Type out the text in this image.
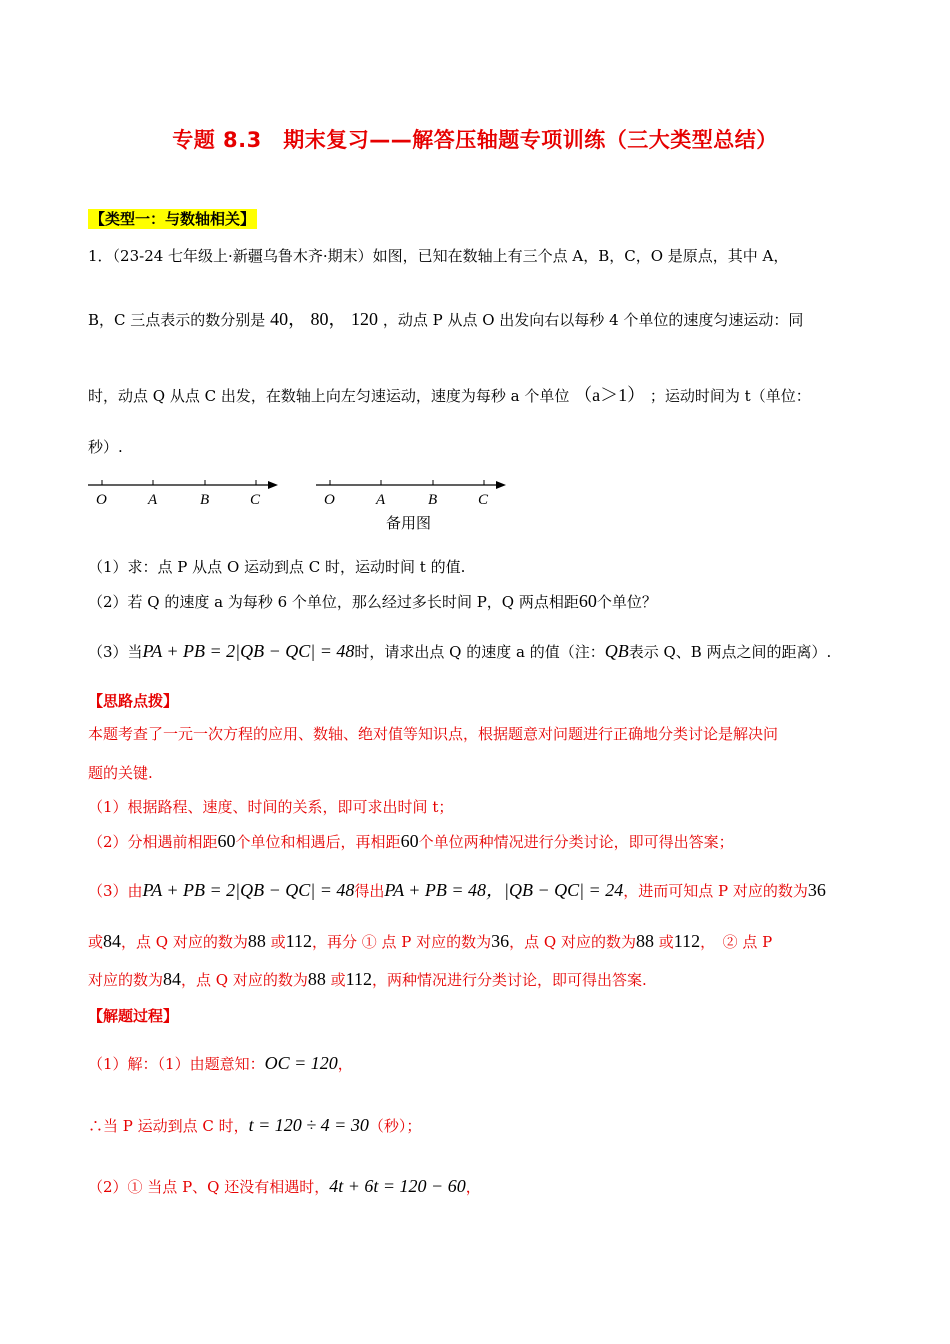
专题 8.3　期末复习——解答压轴题专项训练（三大类型总结）
【类型一：与数轴相关】
1．（23-24 七年级上·新疆乌鲁木齐·期末）如图，已知在数轴上有三个点 A，B，C，O 是原点，其中 A，
B，C 三点表示的数分别是 40， 80， 120 ，动点 P 从点 O 出发向右以每秒 4 个单位的速度匀速运动：同
时，动点 Q 从点 C 出发，在数轴上向左匀速运动，速度为每秒 a 个单位 （a＞1） ；运动时间为 t（单位：
秒）.
O	A	B	C	O	A	B	C
备用图
（1）求：点 P 从点 O 运动到点 C 时，运动时间 t 的值.
（2）若 Q 的速度 a 为每秒 6 个单位，那么经过多长时间 P，Q 两点相距60个单位？
（3）当PA + PB = 2|QB − QC| = 48时，请求出点 Q 的速度 a 的值（注：QB表示 Q、B 两点之间的距离）.
【思路点拨】
本题考查了一元一次方程的应用、数轴、绝对值等知识点，根据题意对问题进行正确地分类讨论是解决问
题的关键.
（1）根据路程、速度、时间的关系，即可求出时间 t；
（2）分相遇前相距60个单位和相遇后，再相距60个单位两种情况进行分类讨论，即可得出答案；
（3）由PA + PB = 2|QB − QC| = 48得出PA + PB = 48，|QB − QC| = 24，进而可知点 P 对应的数为36
或84，点 Q 对应的数为88 或112，再分 ① 点 P 对应的数为36，点 Q 对应的数为88 或112，　② 点 P
对应的数为84，点 Q 对应的数为88 或112，两种情况进行分类讨论，即可得出答案.
【解题过程】
（1）解：（1）由题意知：OC = 120，
∴当 P 运动到点 C 时，t = 120 ÷ 4 = 30（秒）；
（2）① 当点 P、Q 还没有相遇时，4t + 6t = 120 − 60，
